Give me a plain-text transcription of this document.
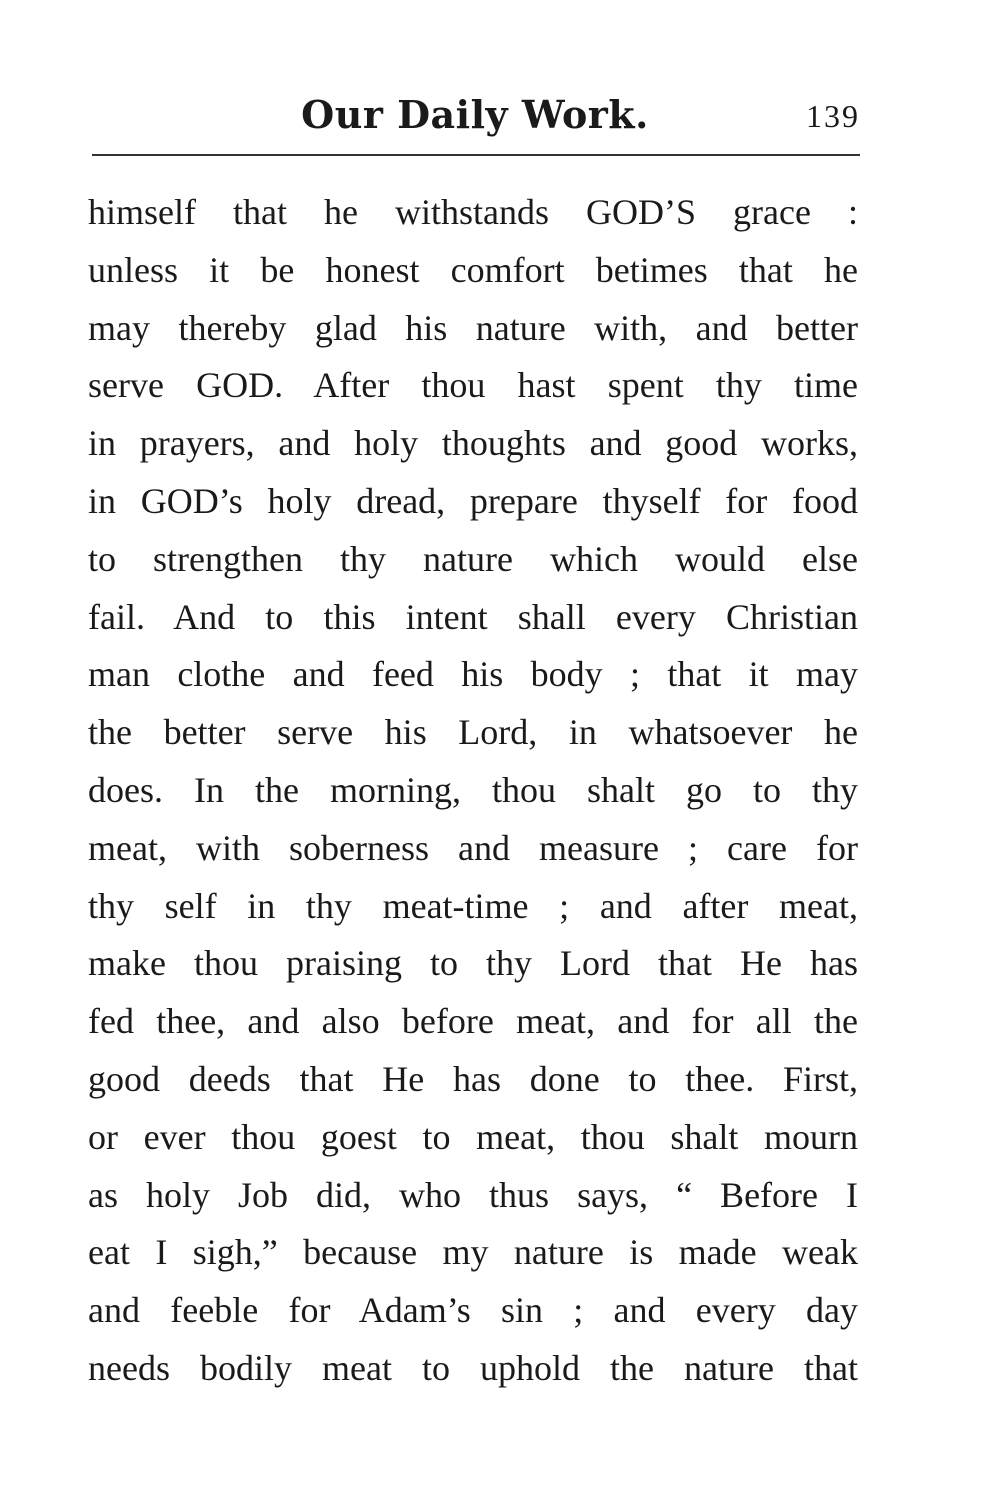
Our Daily Work.	139
himself that he withstands GOD’S grace :
unless it be honest comfort betimes that he
may thereby glad his nature with, and better
serve GOD. After thou hast spent thy time
in prayers, and holy thoughts and good works,
in GOD’s holy dread, prepare thyself for food
to strengthen thy nature which would else
fail. And to this intent shall every Christian
man clothe and feed his body ; that it may
the better serve his Lord, in whatsoever he
does. In the morning, thou shalt go to thy
meat, with soberness and measure ; care for
thy self in thy meat-time ; and after meat,
make thou praising to thy Lord that He has
fed thee, and also before meat, and for all the
good deeds that He has done to thee. First,
or ever thou goest to meat, thou shalt mourn
as holy Job did, who thus says, “ Before I
eat I sigh,” because my nature is made weak
and feeble for Adam’s sin ; and every day
needs bodily meat to uphold the nature that
